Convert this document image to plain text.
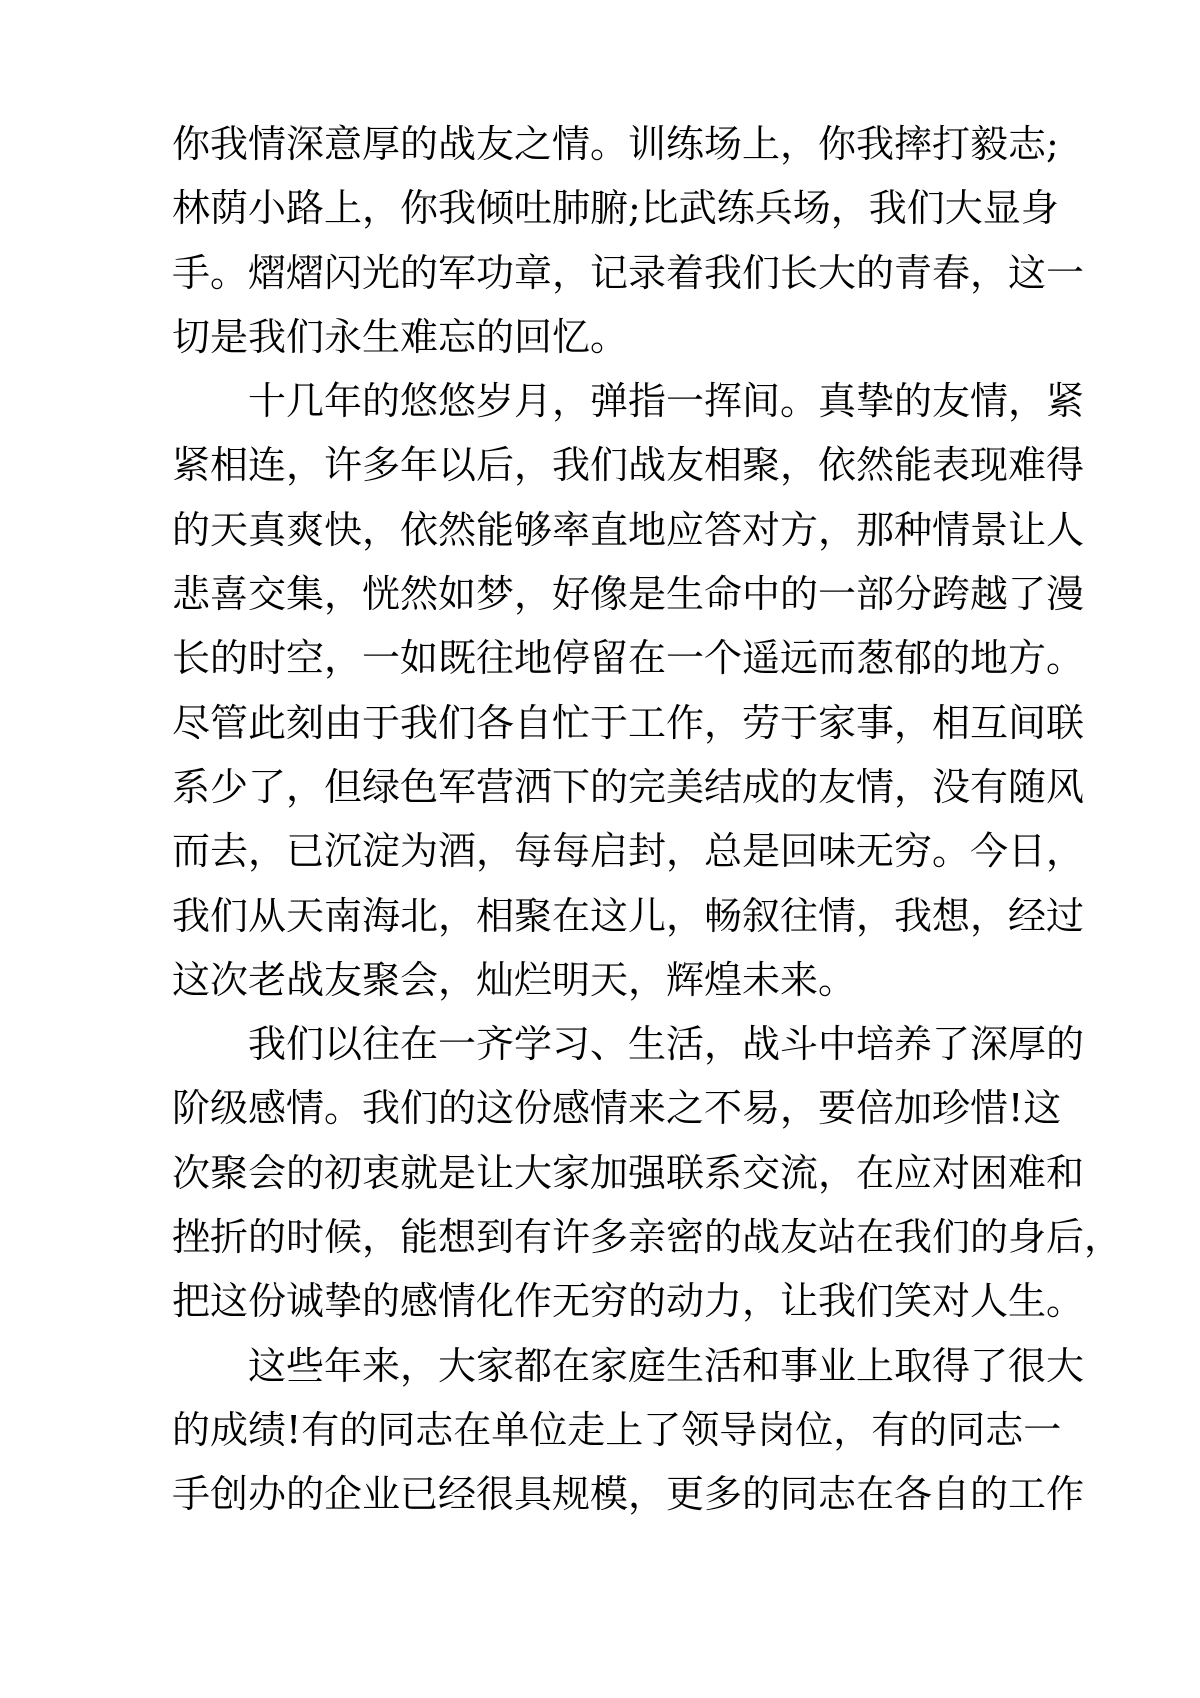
你我情深意厚的战友之情。训练场上，你我摔打毅志;
林荫小路上，你我倾吐肺腑;比武练兵场，我们大显身
手。熠熠闪光的军功章，记录着我们长大的青春，这一
切是我们永生难忘的回忆。
十几年的悠悠岁月，弹指一挥间。真挚的友情，紧
紧相连，许多年以后，我们战友相聚，依然能表现难得
的天真爽快，依然能够率直地应答对方，那种情景让人
悲喜交集，恍然如梦，好像是生命中的一部分跨越了漫
长的时空，一如既往地停留在一个遥远而葱郁的地方。
尽管此刻由于我们各自忙于工作，劳于家事，相互间联
系少了，但绿色军营洒下的完美结成的友情，没有随风
而去，已沉淀为酒，每每启封，总是回味无穷。今日，
我们从天南海北，相聚在这儿，畅叙往情，我想，经过
这次老战友聚会，灿烂明天，辉煌未来。
我们以往在一齐学习、生活，战斗中培养了深厚的
阶级感情。我们的这份感情来之不易，要倍加珍惜!这
次聚会的初衷就是让大家加强联系交流，在应对困难和
挫折的时候，能想到有许多亲密的战友站在我们的身后，
把这份诚挚的感情化作无穷的动力，让我们笑对人生。
这些年来，大家都在家庭生活和事业上取得了很大
的成绩!有的同志在单位走上了领导岗位，有的同志一
手创办的企业已经很具规模，更多的同志在各自的工作
